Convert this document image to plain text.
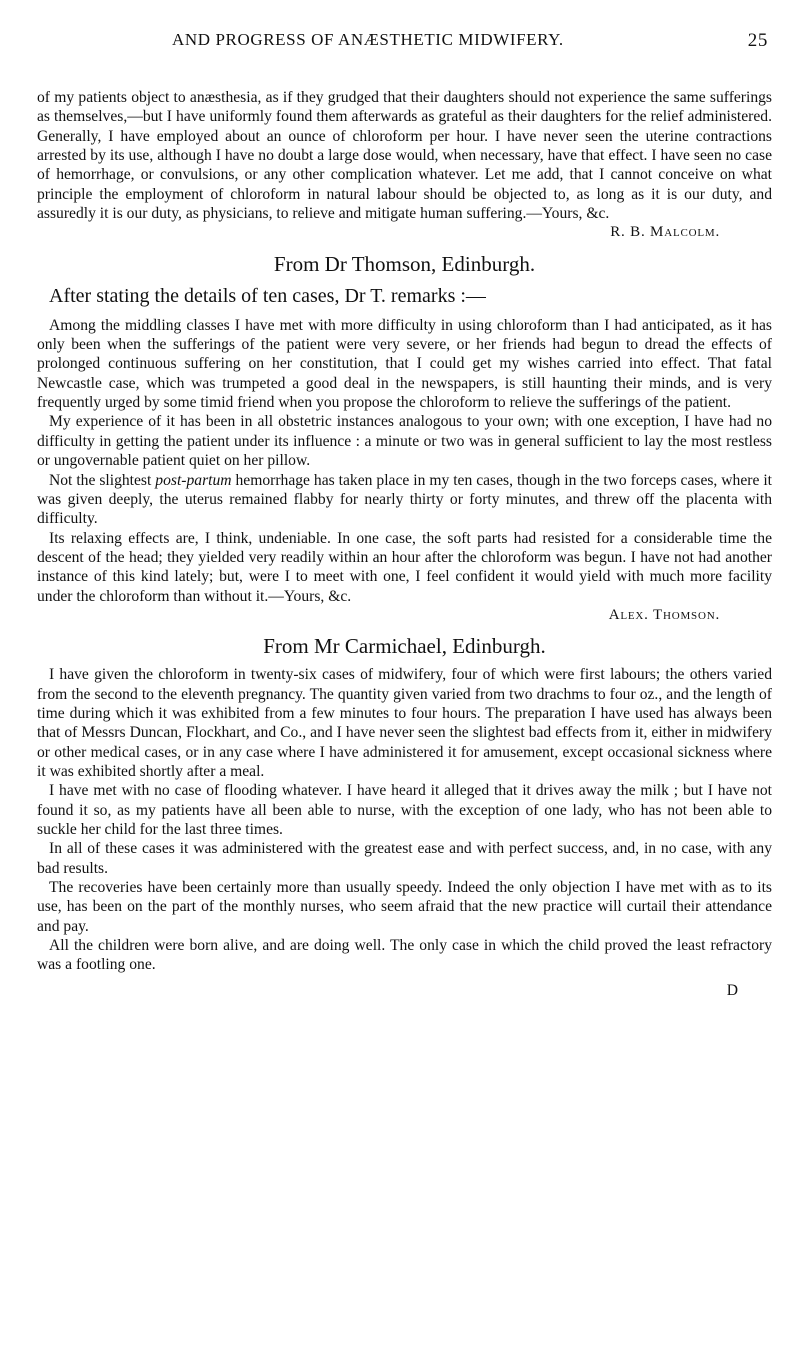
AND PROGRESS OF ANÆSTHETIC MIDWIFERY.	25

of my patients object to anæsthesia, as if they grudged that their daughters should not experience the same sufferings as themselves,—but I have uniformly found them afterwards as grateful as their daughters for the relief administered. Generally, I have employed about an ounce of chloroform per hour. I have never seen the uterine contractions arrested by its use, although I have no doubt a large dose would, when necessary, have that effect. I have seen no case of hemorrhage, or convulsions, or any other complication whatever. Let me add, that I cannot conceive on what principle the employment of chloroform in natural labour should be objected to, as long as it is our duty, and assuredly it is our duty, as physicians, to relieve and mitigate human suffering.—Yours, &c.

R. B. Malcolm.
From Dr Thomson, Edinburgh.
After stating the details of ten cases, Dr T. remarks :—

Among the middling classes I have met with more difficulty in using chloroform than I had anticipated, as it has only been when the sufferings of the patient were very severe, or her friends had begun to dread the effects of prolonged continuous suffering on her constitution, that I could get my wishes carried into effect. That fatal Newcastle case, which was trumpeted a good deal in the newspapers, is still haunting their minds, and is very frequently urged by some timid friend when you propose the chloroform to relieve the sufferings of the patient.

My experience of it has been in all obstetric instances analogous to your own; with one exception, I have had no difficulty in getting the patient under its influence : a minute or two was in general sufficient to lay the most restless or ungovernable patient quiet on her pillow.

Not the slightest post-partum hemorrhage has taken place in my ten cases, though in the two forceps cases, where it was given deeply, the uterus remained flabby for nearly thirty or forty minutes, and threw off the placenta with difficulty.

Its relaxing effects are, I think, undeniable. In one case, the soft parts had resisted for a considerable time the descent of the head; they yielded very readily within an hour after the chloroform was begun. I have not had another instance of this kind lately; but, were I to meet with one, I feel confident it would yield with much more facility under the chloroform than without it.—Yours, &c.

Alex. Thomson.
From Mr Carmichael, Edinburgh.

I have given the chloroform in twenty-six cases of midwifery, four of which were first labours; the others varied from the second to the eleventh pregnancy. The quantity given varied from two drachms to four oz., and the length of time during which it was exhibited from a few minutes to four hours. The preparation I have used has always been that of Messrs Duncan, Flockhart, and Co., and I have never seen the slightest bad effects from it, either in midwifery or other medical cases, or in any case where I have administered it for amusement, except occasional sickness where it was exhibited shortly after a meal.

I have met with no case of flooding whatever. I have heard it alleged that it drives away the milk ; but I have not found it so, as my patients have all been able to nurse, with the exception of one lady, who has not been able to suckle her child for the last three times.

In all of these cases it was administered with the greatest ease and with perfect success, and, in no case, with any bad results.

The recoveries have been certainly more than usually speedy. Indeed the only objection I have met with as to its use, has been on the part of the monthly nurses, who seem afraid that the new practice will curtail their attendance and pay.

All the children were born alive, and are doing well. The only case in which the child proved the least refractory was a footling one.

D
